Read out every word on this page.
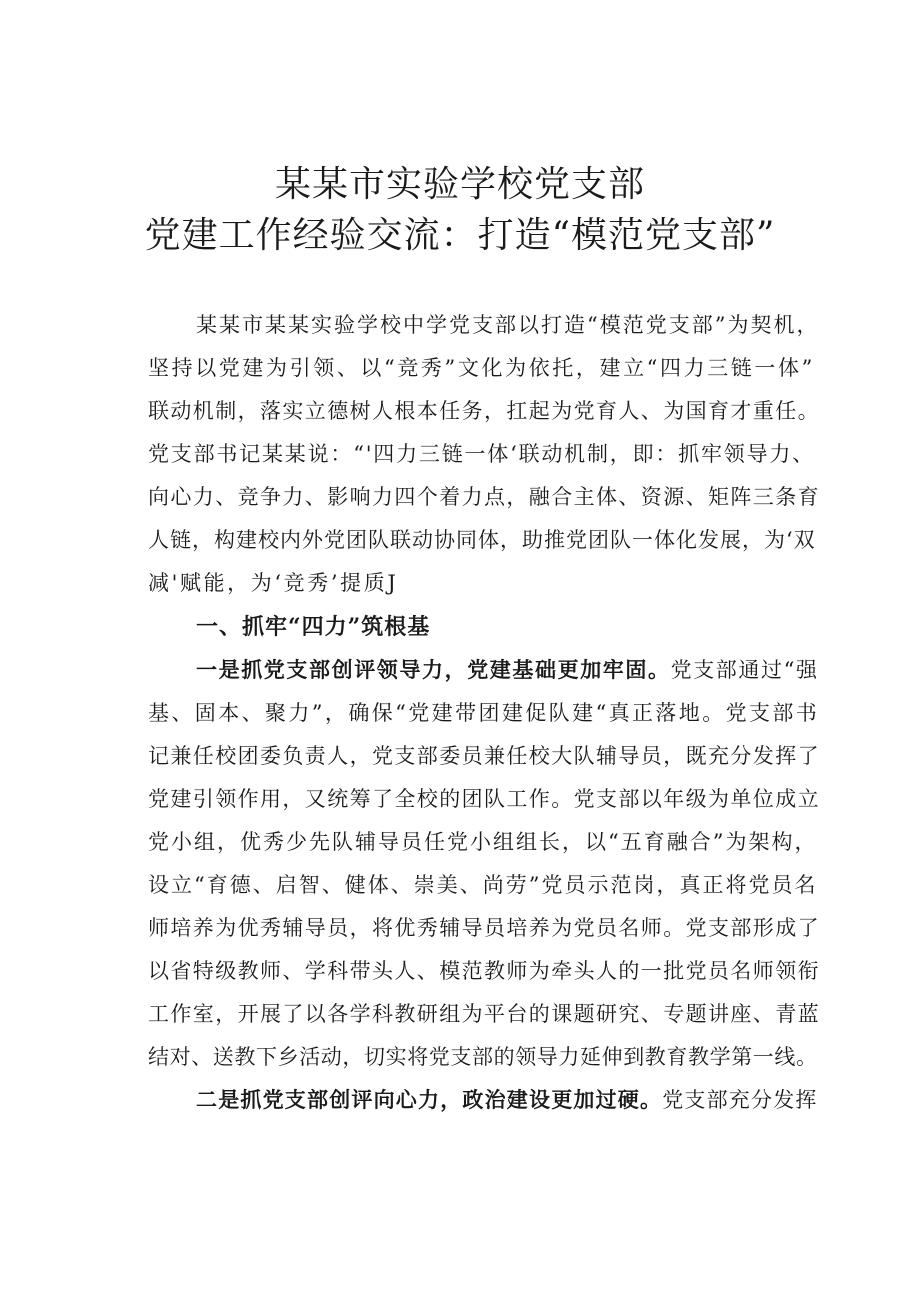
某某市实验学校党支部
党建工作经验交流：打造“模范党支部”
某某市某某实验学校中学党支部以打造“模范党支部”为契机，
坚持以党建为引领、以“竞秀”文化为依托，建立“四力三链一体”
联动机制，落实立德树人根本任务，扛起为党育人、为国育才重任。
党支部书记某某说：“'四力三链一体‘联动机制，即：抓牢领导力、
向心力、竞争力、影响力四个着力点，融合主体、资源、矩阵三条育
人链，构建校内外党团队联动协同体，助推党团队一体化发展，为‘双
减'赋能，为‘竞秀’提质J
一、抓牢“四力”筑根基
一是抓党支部创评领导力，党建基础更加牢固。党支部通过“强
基、固本、聚力”，确保“党建带团建促队建“真正落地。党支部书
记兼任校团委负责人，党支部委员兼任校大队辅导员，既充分发挥了
党建引领作用，又统筹了全校的团队工作。党支部以年级为单位成立
党小组，优秀少先队辅导员任党小组组长，以“五育融合”为架构，
设立“育德、启智、健体、崇美、尚劳”党员示范岗，真正将党员名
师培养为优秀辅导员，将优秀辅导员培养为党员名师。党支部形成了
以省特级教师、学科带头人、模范教师为牵头人的一批党员名师领衔
工作室，开展了以各学科教研组为平台的课题研究、专题讲座、青蓝
结对、送教下乡活动，切实将党支部的领导力延伸到教育教学第一线。
二是抓党支部创评向心力，政治建设更加过硬。党支部充分发挥
